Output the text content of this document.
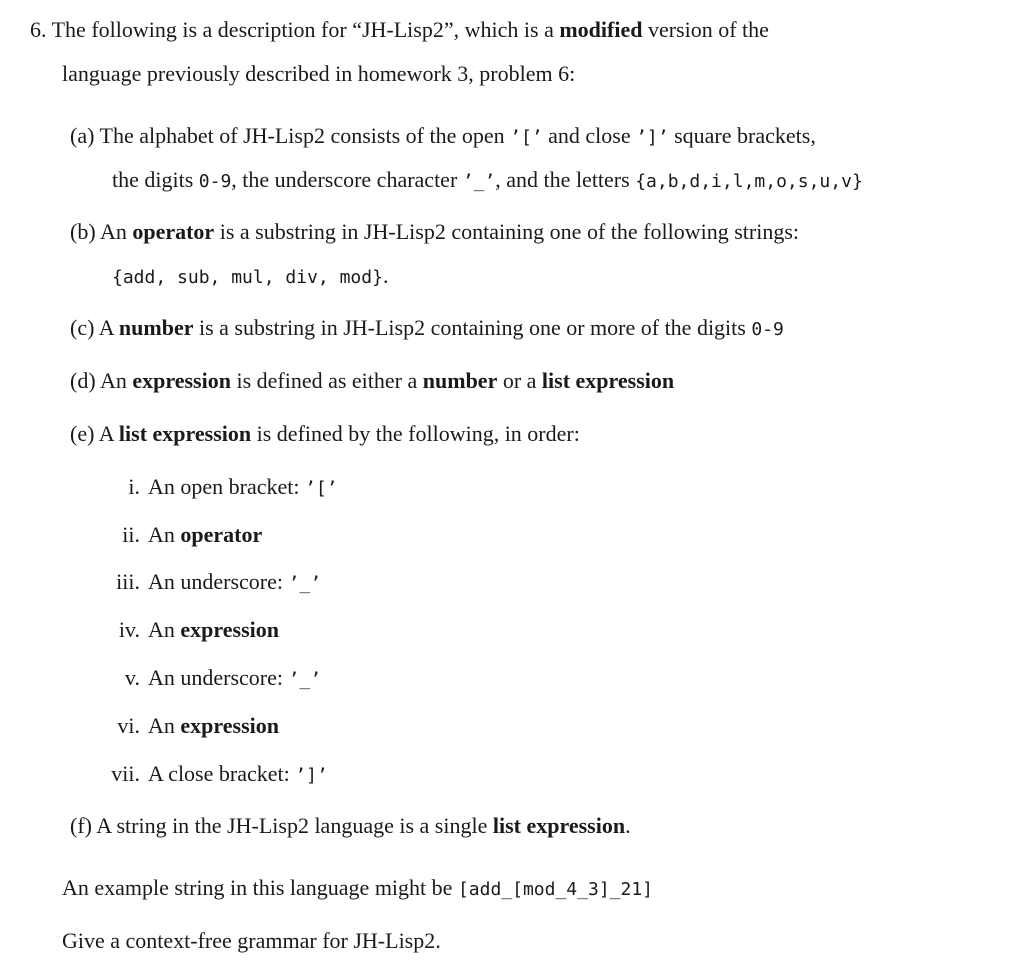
6. The following is a description for “JH-Lisp2”, which is a modified version of the
language previously described in homework 3, problem 6:
(a) The alphabet of JH-Lisp2 consists of the open ’[’ and close ’]’ square brackets,
the digits 0-9, the underscore character ’_’, and the letters {a,b,d,i,l,m,o,s,u,v}
(b) An operator is a substring in JH-Lisp2 containing one of the following strings:
{add, sub, mul, div, mod}.
(c) A number is a substring in JH-Lisp2 containing one or more of the digits 0-9
(d) An expression is defined as either a number or a list expression
(e) A list expression is defined by the following, in order:
i. An open bracket: ’[’
ii. An operator
iii. An underscore: ’_’
iv. An expression
v. An underscore: ’_’
vi. An expression
vii. A close bracket: ’]’
(f) A string in the JH-Lisp2 language is a single list expression.
An example string in this language might be [add_[mod_4_3]_21]
Give a context-free grammar for JH-Lisp2.
